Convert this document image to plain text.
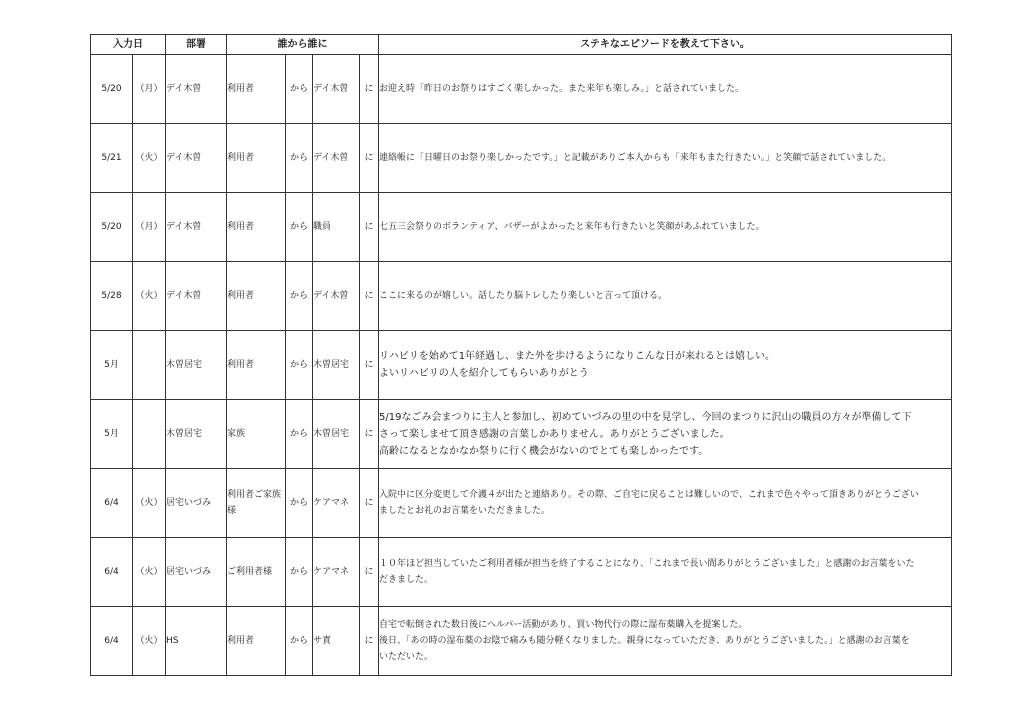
入力日		部署	誰から誰に				ステキなエピソードを教えて下さい。
5/20	（月）	デイ木曽	利用者	から	デイ木曽	に	お迎え時「昨日のお祭りはすごく楽しかった。また来年も楽しみ。」と話されていました。

5/21	（火）	デイ木曽	利用者	から	デイ木曽	に	連絡帳に「日曜日のお祭り楽しかったです。」と記載がありご本人からも「来年もまた行きたい。」と笑顔で話されていました。

5/20	（月）	デイ木曽	利用者	から	職員	に	七五三会祭りのボランティア、バザーがよかったと来年も行きたいと笑顔があふれていました。

5/28	（火）	デイ木曽	利用者	から	デイ木曽	に	ここに来るのが嬉しい。話したり脳トレしたり楽しいと言って頂ける。

5月		木曽居宅	利用者	から	木曽居宅	に	リハビリを始めて1年経過し、また外を歩けるようになりこんな日が来れるとは嬉しい。
よいリハビリの人を紹介してもらいありがとう

5月		木曽居宅	家族	から	木曽居宅	に	5/19なごみ会まつりに主人と参加し、初めていづみの里の中を見学し、今回のまつりに沢山の職員の方々が準備して下
さって楽しませて頂き感謝の言葉しかありません。ありがとうございました。
高齢になるとなかなか祭りに行く機会がないのでとても楽しかったです。

6/4	（火）	居宅いづみ	利用者ご家族様	から	ケアマネ	に	入院中に区分変更して介護４が出たと連絡あり。その際、ご自宅に戻ることは難しいので、これまで色々やって頂きありがとうござい
ましたとお礼のお言葉をいただきました。

6/4	（火）	居宅いづみ	ご利用者様	から	ケアマネ	に	１０年ほど担当していたご利用者様が担当を終了することになり、「これまで長い間ありがとうございました」と感謝のお言葉をいた
だきました。

6/4	（火）	HS	利用者	から	サ責	に	自宅で転倒された数日後にヘルパー活動があり、買い物代行の際に湿布薬購入を提案した。
後日、「あの時の湿布薬のお陰で痛みも随分軽くなりました。親身になっていただき、ありがとうございました。」と感謝のお言葉を
いただいた。
